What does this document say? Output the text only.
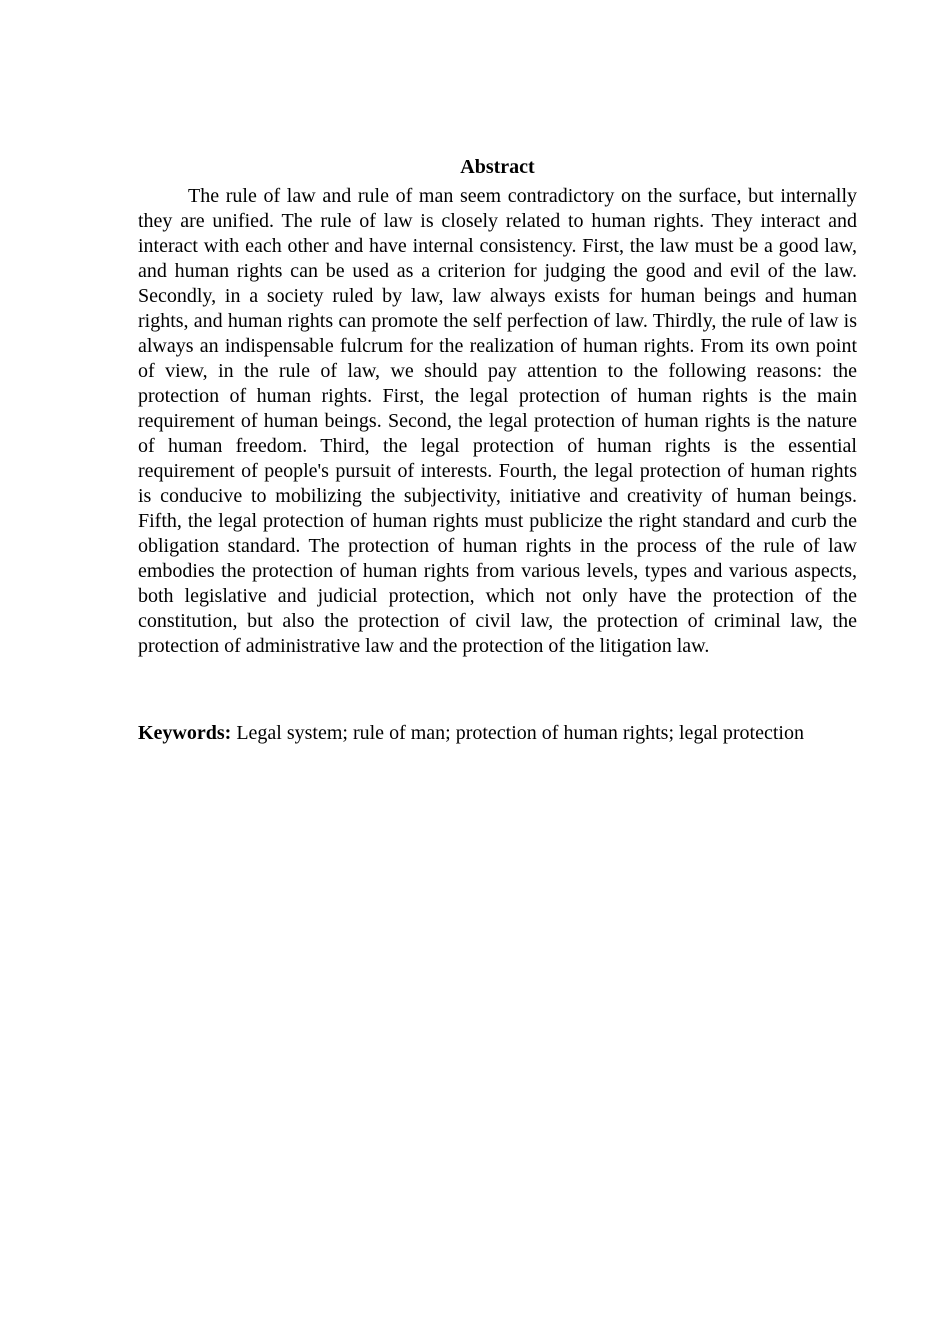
Abstract

The rule of law and rule of man seem contradictory on the surface, but internally they are unified. The rule of law is closely related to human rights. They interact and interact with each other and have internal consistency. First, the law must be a good law, and human rights can be used as a criterion for judging the good and evil of the law. Secondly, in a society ruled by law, law always exists for human beings and human rights, and human rights can promote the self perfection of law. Thirdly, the rule of law is always an indispensable fulcrum for the realization of human rights. From its own point of view, in the rule of law, we should pay attention to the following reasons: the protection of human rights. First, the legal protection of human rights is the main requirement of human beings. Second, the legal protection of human rights is the nature of human freedom. Third, the legal protection of human rights is the essential requirement of people's pursuit of interests. Fourth, the legal protection of human rights is conducive to mobilizing the subjectivity, initiative and creativity of human beings. Fifth, the legal protection of human rights must publicize the right standard and curb the obligation standard. The protection of human rights in the process of the rule of law embodies the protection of human rights from various levels, types and various aspects, both legislative and judicial protection, which not only have the protection of the constitution, but also the protection of civil law, the protection of criminal law, the protection of administrative law and the protection of the litigation law.

Keywords: Legal system; rule of man; protection of human rights; legal protection
